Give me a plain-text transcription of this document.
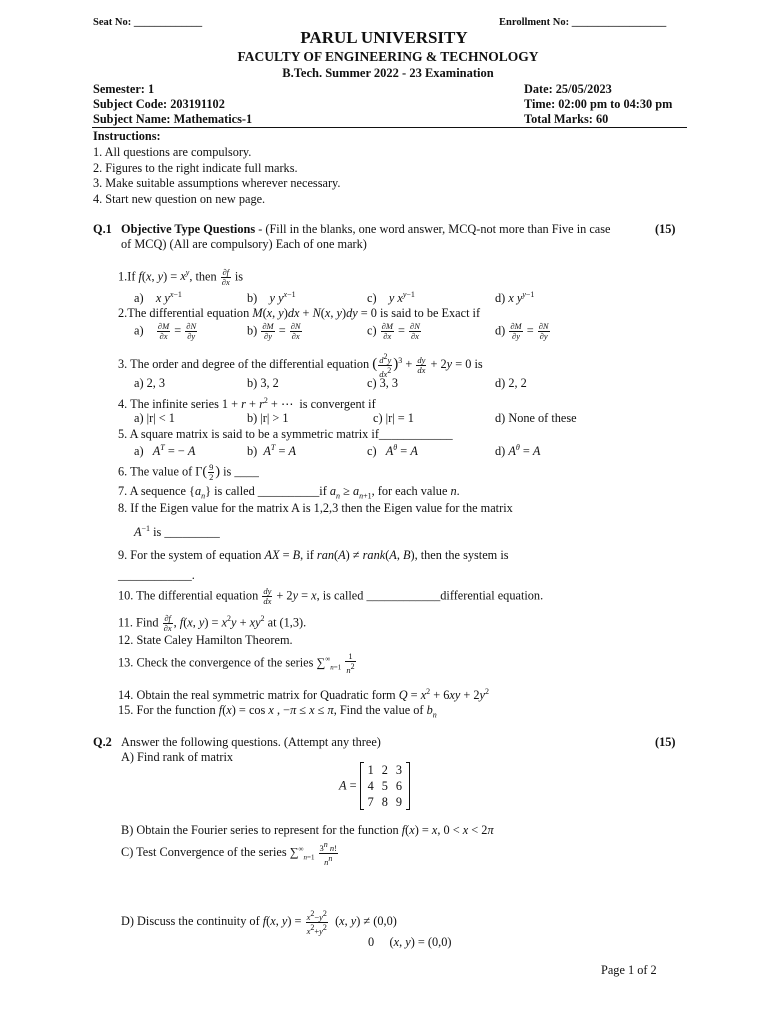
Seat No: _____________	Enrollment No: __________________
PARUL UNIVERSITY
FACULTY OF ENGINEERING & TECHNOLOGY
B.Tech. Summer 2022 - 23 Examination
Semester: 1
Subject Code: 203191102
Subject Name: Mathematics-1
Date: 25/05/2023
Time: 02:00 pm to 04:30 pm
Total Marks: 60
Instructions:
1. All questions are compulsory.
2. Figures to the right indicate full marks.
3. Make suitable assumptions wherever necessary.
4. Start new question on new page.
Q.1 Objective Type Questions - (Fill in the blanks, one word answer, MCQ-not more than Five in case
of MCQ) (All are compulsory) Each of one mark)
(15)
1.If f(x, $y) = x^y$, then $\frac{\partial f}{\partial x}$ is
a)    x $y^{x-1}$	b)    y $y^{x-1}$	c)    y $x^{y-1}$	d) x $y^{y-1}$
2.The differential equation M(x, y)dx + N(x, y)dy = 0 is said to be Exact if
$a) \frac{\partial M}{\partial x} = \frac{\partial N}{\partial y}$	$b) \frac{\partial M}{\partial y} = \frac{\partial N}{\partial x}$	$c) \frac{\partial M}{\partial x} = \frac{\partial N}{\partial x}$	$d) \frac{\partial M}{\partial y} = \frac{\partial N}{\partial y}$
3. The order and degree of the differential equation ( $\frac{d^2y}{dx^2} )^3 + \frac{dy}{dx} + 2y = 0$ is
a) 2, 3	b) 3, 2	c) 3, 3	d) 2, 2
4. The infinite series $1 + r + r^2$ + ⋯  is convergent if
a) |r| < 1	b) |r| > 1	c) |r| = 1	d) None of these
5. A square matrix is said to be a symmetric matrix if____________
a)   $A^T$ = − A	b)  $A^T = A$	c)   $A^\theta = A$	d) $A^\theta = A$
6. The value of $\Gamma( \frac{9}{2}$ ) is ____
7. A sequence $\{a_n\}$ is called __________if $a_n \ge a_{n+1}$, for each value n.
8. If the Eigen value for the matrix A is 1,2,3 then the Eigen value for the matrix
$A^{-1}$ is _________
9. For the system of equation AX = B, if ran(A) ≠ rank(A, B), then the system is
____________.
10. The differential equation $\frac{dy}{dx} + 2y = x$, is called ____________differential equation.
11. Find $\frac{\partial f}{\partial x}$ , f(x, $y) = x^2y + xy^2$ at (1,3).
12. State Caley Hamilton Theorem.
13. Check the convergence of the series $\sum^\infty_{n=1} \frac{1}{n^2}$
14. Obtain the real symmetric matrix for Quadratic form $Q = x^2 + 6xy + 2y^2$
15. For the function f(x) = cos x , −π ≤ x ≤ π, Find the value of $b_n$
Q.2 Answer the following questions. (Attempt any three)	(15)
A) Find rank of matrix
A =
1	2	3
4	5	6
7	8	9
B) Obtain the Fourier series to represent for the function f(x) = x, 0 < x < 2π
C) Test Convergence of the series $\sum^\infty_{n=1} \frac{3^n n!}{n^n}$
D) Discuss the continuity of f(x, $y) = \frac{x^2-y^2}{x^2+y^2} (x$, y) ≠ (0,0)
0     (x, y) = (0,0)
Page 1 of 2
